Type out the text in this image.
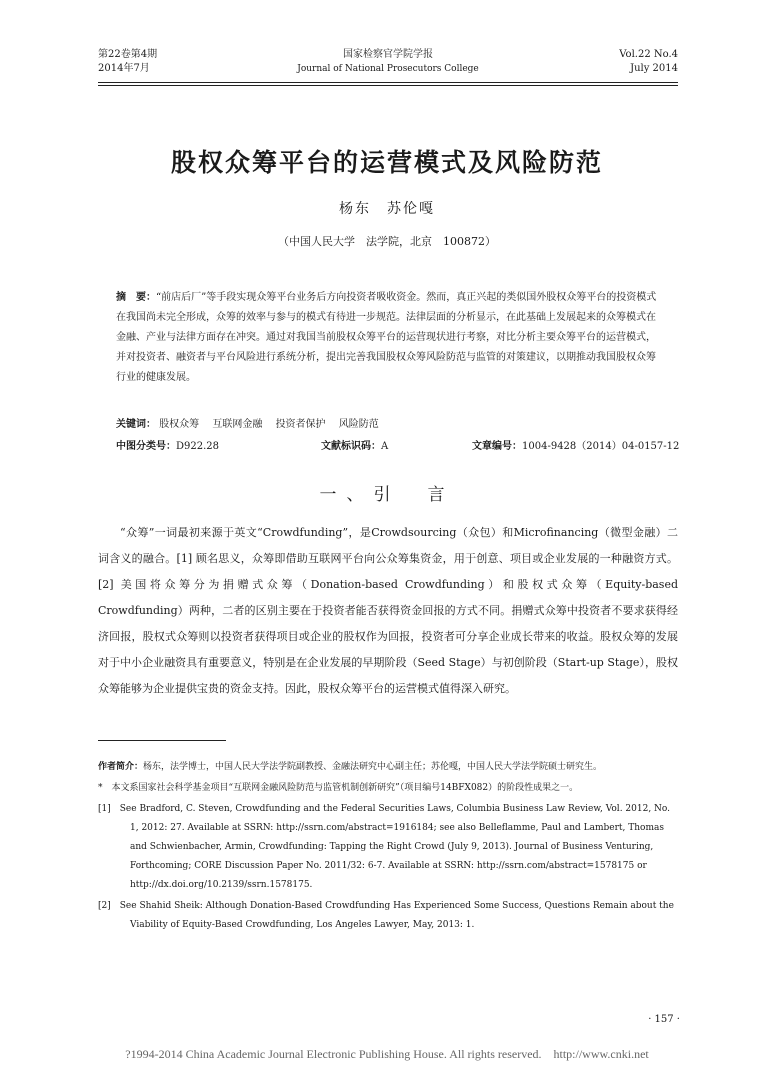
第22卷第4期
2014年7月
国家检察官学院学报
Journal of National Prosecutors College
Vol.22 No.4
July 2014
股权众筹平台的运营模式及风险防范
杨东　苏伦嘎
（中国人民大学　法学院，北京　100872）
摘　要：“前店后厂”等手段实现众筹平台业务后方向投资者吸收资金。然而，真正兴起的类似国外股权众筹平台的投资模式在我国尚未完全形成，众筹的效率与参与的模式有待进一步规范。法律层面的分析显示，在此基础上发展起来的众筹模式在金融、产业与法律方面存在冲突。通过对我国当前股权众筹平台的运营现状进行考察，对比分析主要众筹平台的运营模式，并对投资者、融资者与平台风险进行系统分析，提出完善我国股权众筹风险防范与监管的对策建议，以期推动我国股权众筹行业的健康发展。
关键词： 股权众筹　 互联网金融　 投资者保护　 风险防范
中图分类号：D922.28	文献标识码：A	文章编号：1004-9428（2014）04-0157-12
一、引　言
“众筹”一词最初来源于英文“Crowdfunding”，是Crowdsourcing（众包）和Microfinancing（微型金融）二词含义的融合。[1] 顾名思义，众筹即借助互联网平台向公众筹集资金，用于创意、项目或企业发展的一种融资方式。[2] 美国将众筹分为捐赠式众筹（Donation-based Crowdfunding）和股权式众筹（Equity-based Crowdfunding）两种，二者的区别主要在于投资者能否获得资金回报的方式不同。捐赠式众筹中投资者不要求获得经济回报，股权式众筹则以投资者获得项目或企业的股权作为回报，投资者可分享企业成长带来的收益。股权众筹的发展对于中小企业融资具有重要意义，特别是在企业发展的早期阶段（Seed Stage）与初创阶段（Start-up Stage），股权众筹能够为企业提供宝贵的资金支持。因此，股权众筹平台的运营模式值得深入研究。

作者简介：杨东，法学博士，中国人民大学法学院副教授、金融法研究中心副主任；苏伦嘎，中国人民大学法学院硕士研究生。

*　 本文系国家社会科学基金项目“互联网金融风险防范与监管机制创新研究”（项目编号14BFX082）的阶段性成果之一。

[1]　 See Bradford, C. Steven, Crowdfunding and the Federal Securities Laws, Columbia Business Law Review, Vol. 2012, No. 1, 2012: 27. Available at SSRN: http://ssrn.com/abstract=1916184; see also Belleflamme, Paul and Lambert, Thomas and Schwienbacher, Armin, Crowdfunding: Tapping the Right Crowd (July 9, 2013). Journal of Business Venturing, Forthcoming; CORE Discussion Paper No. 2011/32: 6-7. Available at SSRN: http://ssrn.com/abstract=1578175 or http://dx.doi.org/10.2139/ssrn.1578175.

[2]　 See Shahid Sheik: Although Donation-Based Crowdfunding Has Experienced Some Success, Questions Remain about the Viability of Equity-Based Crowdfunding, Los Angeles Lawyer, May, 2013: 1.

· 157 ·
?1994-2014 China Academic Journal Electronic Publishing House. All rights reserved.　http://www.cnki.net
